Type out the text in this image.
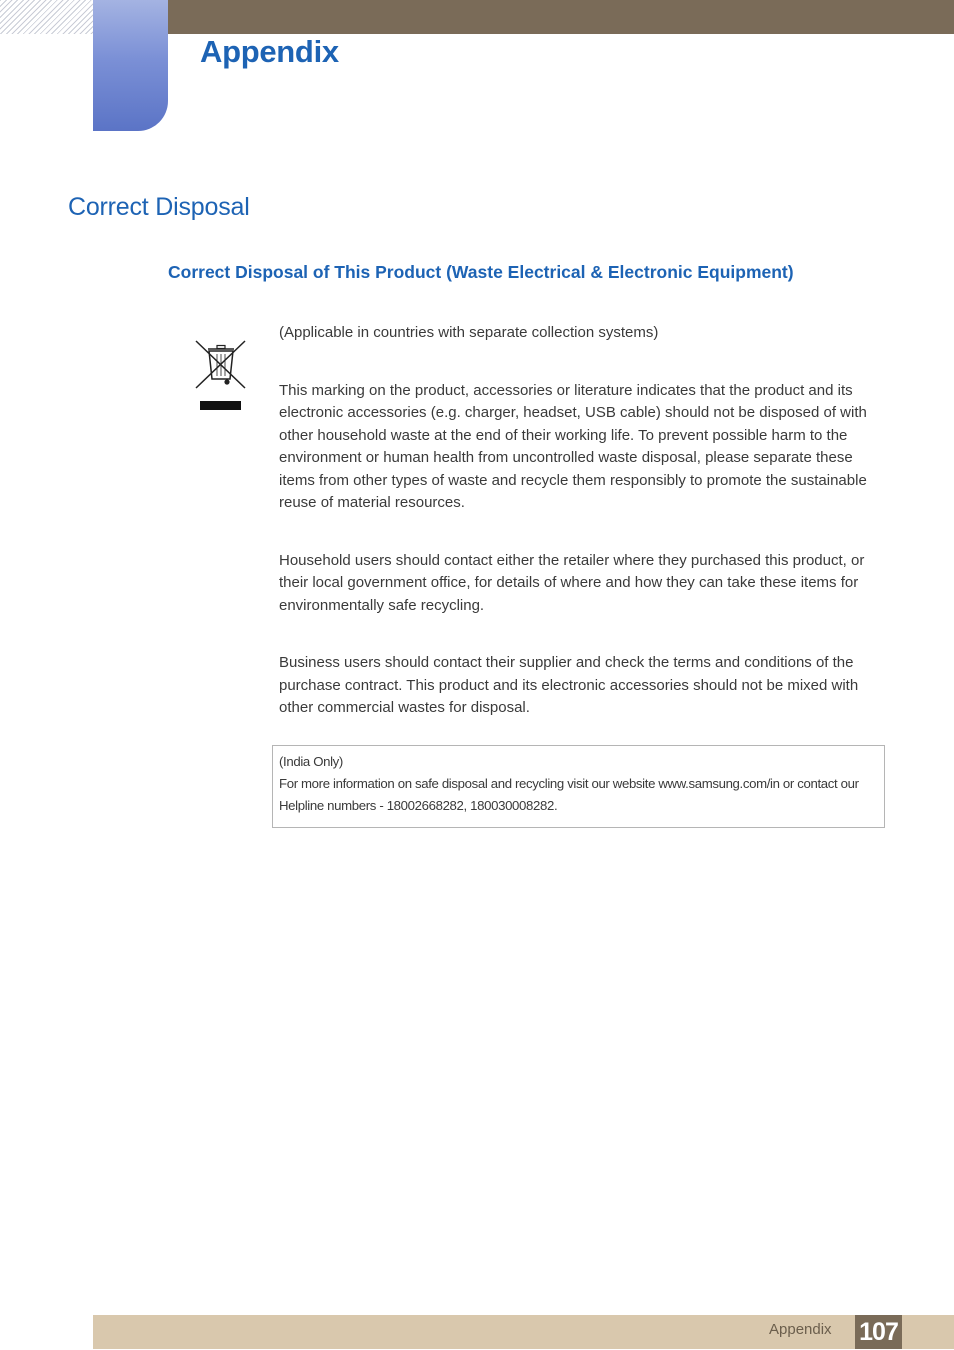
Appendix
Correct Disposal
Correct Disposal of This Product (Waste Electrical & Electronic Equipment)

(Applicable in countries with separate collection systems)

This marking on the product, accessories or literature indicates that the product and its electronic accessories (e.g. charger, headset, USB cable) should not be disposed of with other household waste at the end of their working life. To prevent possible harm to the environment or human health from uncontrolled waste disposal, please separate these items from other types of waste and recycle them responsibly to promote the sustainable reuse of material resources.

Household users should contact either the retailer where they purchased this product, or their local government office, for details of where and how they can take these items for environmentally safe recycling.

Business users should contact their supplier and check the terms and conditions of the purchase contract. This product and its electronic accessories should not be mixed with other commercial wastes for disposal.

(India Only)
For more information on safe disposal and recycling visit our website www.samsung.com/in or contact our Helpline numbers - 18002668282, 180030008282.
Appendix 107
